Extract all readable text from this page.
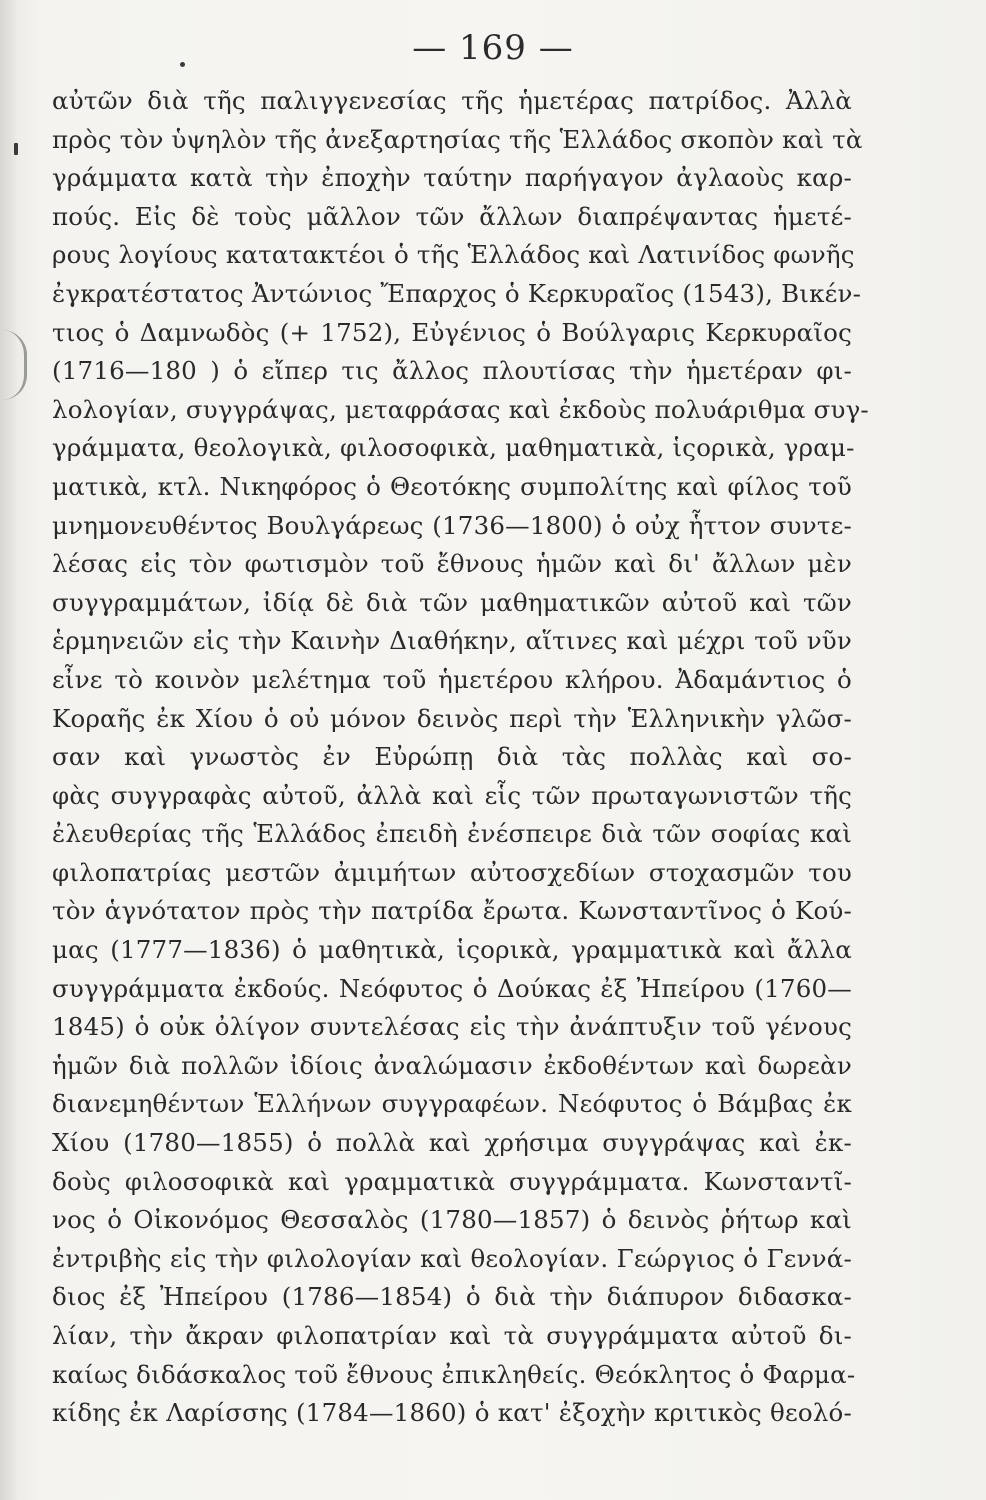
— 169 —
αὐτῶν διὰ τῆς παλιγγενεσίας τῆς ἡμετέρας πατρίδος. Ἀλλὰ
πρὸς τὸν ὑψηλὸν τῆς ἀνεξαρτησίας τῆς Ἑλλάδος σκοπὸν καὶ τὰ
γράμματα κατὰ τὴν ἐποχὴν ταύτην παρήγαγον ἀγλαοὺς καρ-
πούς. Εἰς δὲ τοὺς μᾶλλον τῶν ἄλλων διαπρέψαντας ἡμετέ-
ρους λογίους κατατακτέοι ὁ τῆς Ἑλλάδος καὶ Λατινίδος φωνῆς
ἐγκρατέστατος Ἀντώνιος Ἔπαρχος ὁ Κερκυραῖος (1543), Βικέν-
τιος ὁ Δαμνωδὸς (+ 1752), Εὐγένιος ὁ Βούλγαρις Κερκυραῖος
(1716—180 ) ὁ εἴπερ τις ἄλλος πλουτίσας τὴν ἡμετέραν φι-
λολογίαν, συγγράψας, μεταφράσας καὶ ἐκδοὺς πολυάριθμα συγ-
γράμματα, θεολογικὰ, φιλοσοφικὰ, μαθηματικὰ, ἱςορικὰ, γραμ-
ματικὰ, κτλ. Νικηφόρος ὁ Θεοτόκης συμπολίτης καὶ φίλος τοῦ
μνημονευθέντος Βουλγάρεως (1736—1800) ὁ οὐχ ἧττον συντε-
λέσας εἰς τὸν φωτισμὸν τοῦ ἔθνους ἡμῶν καὶ δι' ἄλλων μὲν
συγγραμμάτων, ἰδίᾳ δὲ διὰ τῶν μαθηματικῶν αὐτοῦ καὶ τῶν
ἑρμηνειῶν εἰς τὴν Καινὴν Διαθήκην, αἵτινες καὶ μέχρι τοῦ νῦν
εἶνε τὸ κοινὸν μελέτημα τοῦ ἡμετέρου κλήρου. Ἀδαμάντιος ὁ
Κοραῆς ἐκ Χίου ὁ οὐ μόνον δεινὸς περὶ τὴν Ἑλληνικὴν γλῶσ-
σαν καὶ γνωστὸς ἐν Εὐρώπῃ διὰ τὰς πολλὰς καὶ σο-
φὰς συγγραφὰς αὐτοῦ, ἀλλὰ καὶ εἷς τῶν πρωταγωνιστῶν τῆς
ἐλευθερίας τῆς Ἑλλάδος ἐπειδὴ ἐνέσπειρε διὰ τῶν σοφίας καὶ
φιλοπατρίας μεστῶν ἀμιμήτων αὐτοσχεδίων στοχασμῶν του
τὸν ἁγνότατον πρὸς τὴν πατρίδα ἔρωτα. Κωνσταντῖνος ὁ Κού-
μας (1777—1836) ὁ μαθητικὰ, ἱςορικὰ, γραμματικὰ καὶ ἄλλα
συγγράμματα ἐκδούς. Νεόφυτος ὁ Δούκας ἐξ Ἠπείρου (1760—
1845) ὁ οὐκ ὀλίγον συντελέσας εἰς τὴν ἀνάπτυξιν τοῦ γένους
ἡμῶν διὰ πολλῶν ἰδίοις ἀναλώμασιν ἐκδοθέντων καὶ δωρεὰν
διανεμηθέντων Ἑλλήνων συγγραφέων. Νεόφυτος ὁ Βάμβας ἐκ
Χίου (1780—1855) ὁ πολλὰ καὶ χρήσιμα συγγράψας καὶ ἐκ-
δοὺς φιλοσοφικὰ καὶ γραμματικὰ συγγράμματα. Κωνσταντῖ-
νος ὁ Οἰκονόμος Θεσσαλὸς (1780—1857) ὁ δεινὸς ῥήτωρ καὶ
ἐντριβὴς εἰς τὴν φιλολογίαν καὶ θεολογίαν. Γεώργιος ὁ Γεννά-
διος ἐξ Ἠπείρου (1786—1854) ὁ διὰ τὴν διάπυρον διδασκα-
λίαν, τὴν ἄκραν φιλοπατρίαν καὶ τὰ συγγράμματα αὐτοῦ δι-
καίως διδάσκαλος τοῦ ἔθνους ἐπικληθείς. Θεόκλητος ὁ Φαρμα-
κίδης ἐκ Λαρίσσης (1784—1860) ὁ κατ' ἐξοχὴν κριτικὸς θεολό-
